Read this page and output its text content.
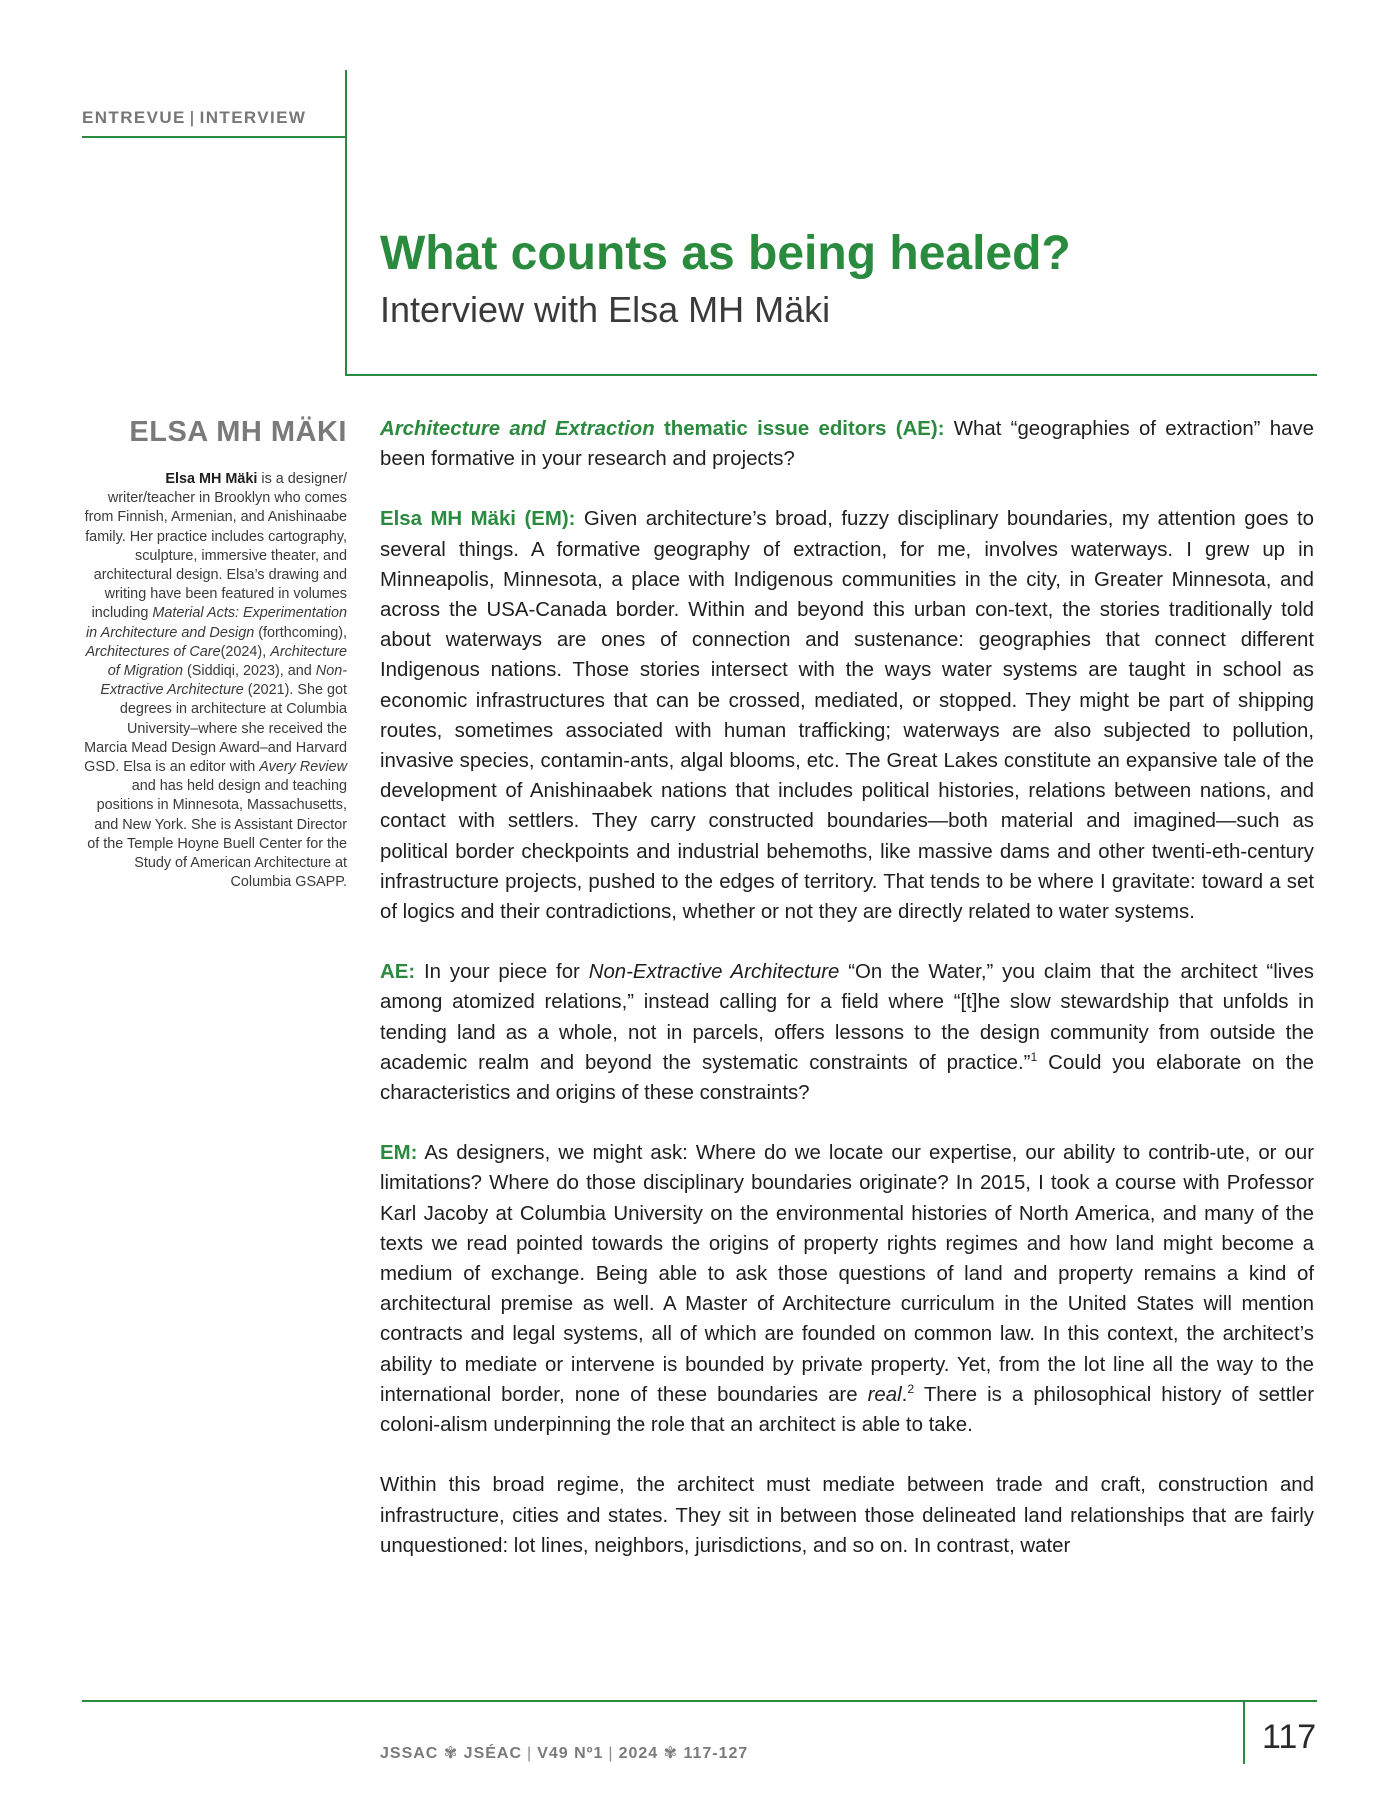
ENTREVUE | INTERVIEW
What counts as being healed?
Interview with Elsa MH Mäki
ELSA MH MÄKI
Elsa MH Mäki is a designer/ writer/teacher in Brooklyn who comes from Finnish, Armenian, and Anishinaabe family. Her practice includes cartography, sculpture, immersive theater, and architectural design. Elsa’s drawing and writing have been featured in volumes including Material Acts: Experimentation in Architecture and Design (forthcoming), Architectures of Care(2024), Architecture of Migration (Siddiqi, 2023), and Non-Extractive Architecture (2021). She got degrees in architecture at Columbia University–where she received the Marcia Mead Design Award–and Harvard GSD. Elsa is an editor with Avery Review and has held design and teaching positions in Minnesota, Massachusetts, and New York. She is Assistant Director of the Temple Hoyne Buell Center for the Study of American Architecture at Columbia GSAPP.

Architecture and Extraction thematic issue editors (AE): What “geographies of extraction” have been formative in your research and projects?

Elsa MH Mäki (EM): Given architecture’s broad, fuzzy disciplinary boundaries, my attention goes to several things. A formative geography of extraction, for me, involves waterways. I grew up in Minneapolis, Minnesota, a place with Indigenous communities in the city, in Greater Minnesota, and across the USA-Canada border. Within and beyond this urban con-text, the stories traditionally told about waterways are ones of connection and sustenance: geographies that connect different Indigenous nations. Those stories intersect with the ways water systems are taught in school as economic infrastructures that can be crossed, mediated, or stopped. They might be part of shipping routes, sometimes associated with human trafficking; waterways are also subjected to pollution, invasive species, contamin-ants, algal blooms, etc. The Great Lakes constitute an expansive tale of the development of Anishinaabek nations that includes political histories, relations between nations, and contact with settlers. They carry constructed boundaries—both material and imagined—such as political border checkpoints and industrial behemoths, like massive dams and other twenti-eth-century infrastructure projects, pushed to the edges of territory. That tends to be where I gravitate: toward a set of logics and their contradictions, whether or not they are directly related to water systems.

AE: In your piece for Non-Extractive Architecture “On the Water,” you claim that the architect “lives among atomized relations,” instead calling for a field where “[t]he slow stewardship that unfolds in tending land as a whole, not in parcels, offers lessons to the design community from outside the academic realm and beyond the systematic constraints of practice.”$^1$ Could you elaborate on the characteristics and origins of these constraints?

EM: As designers, we might ask: Where do we locate our expertise, our ability to contrib-ute, or our limitations? Where do those disciplinary boundaries originate? In 2015, I took a course with Professor Karl Jacoby at Columbia University on the environmental histories of North America, and many of the texts we read pointed towards the origins of property rights regimes and how land might become a medium of exchange. Being able to ask those questions of land and property remains a kind of architectural premise as well. A Master of Architecture curriculum in the United States will mention contracts and legal systems, all of which are founded on common law. In this context, the architect’s ability to mediate or intervene is bounded by private property. Yet, from the lot line all the way to the international border, none of these boundaries are real.$^2$ There is a philosophical history of settler coloni-alism underpinning the role that an architect is able to take.

Within this broad regime, the architect must mediate between trade and craft, construction and infrastructure, cities and states. They sit in between those delineated land relationships that are fairly unquestioned: lot lines, neighbors, jurisdictions, and so on. In contrast, water

JSSAC ✾ JSÉAC | V49 Nº1 | 2024 ✾ 117-127	117
